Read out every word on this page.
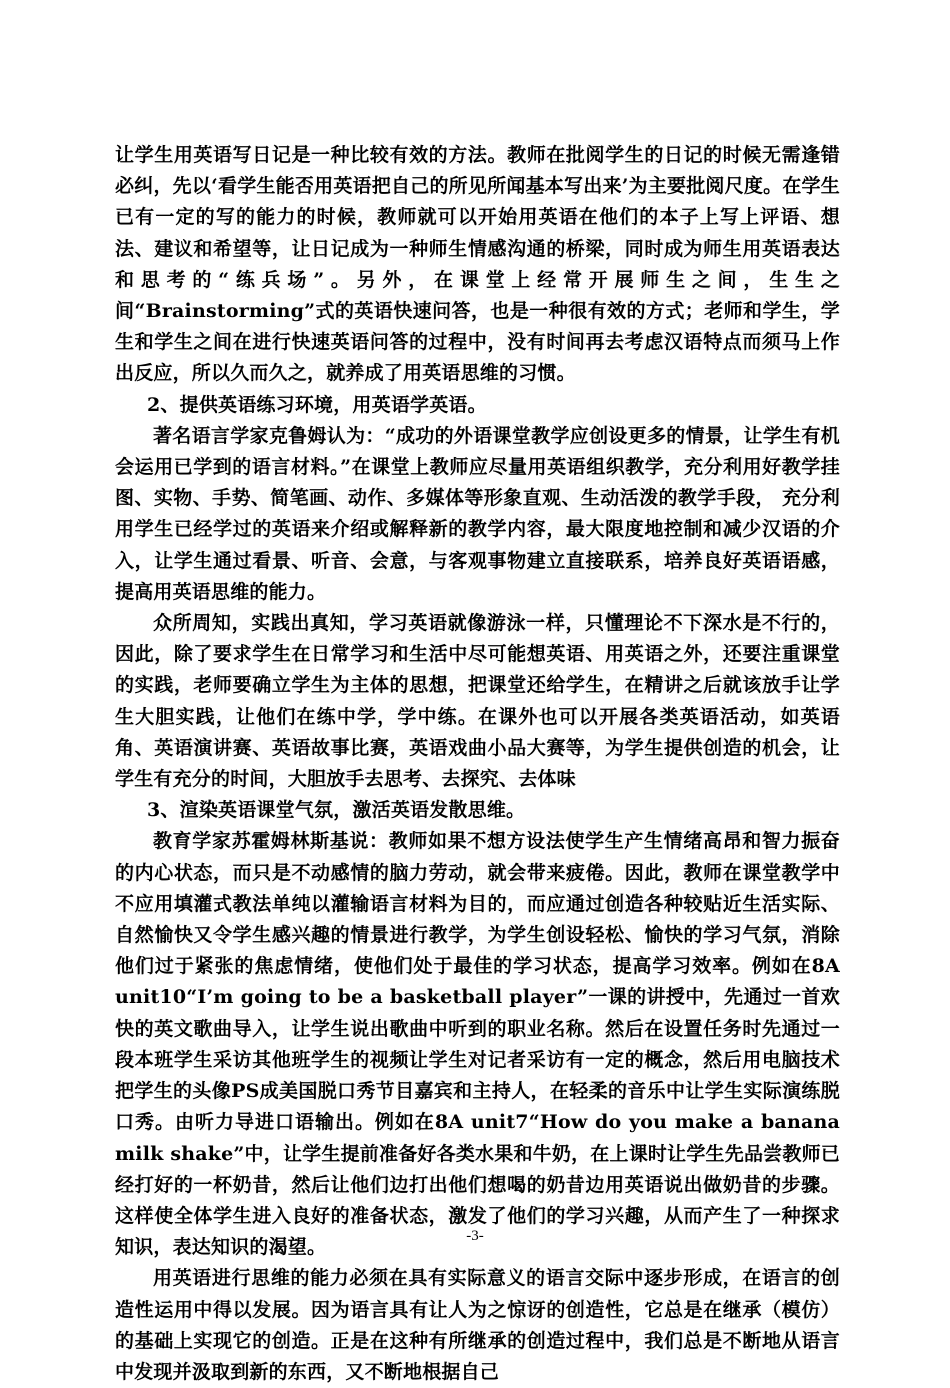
让学生用英语写日记是一种比较有效的方法。教师在批阅学生的日记的时候无需逢错必纠，先以‘看学生能否用英语把自己的所见所闻基本写出来’为主要批阅尺度。在学生已有一定的写的能力的时候，教师就可以开始用英语在他们的本子上写上评语、想法、建议和希望等，让日记成为一种师生情感沟通的桥梁，同时成为师生用英语表达和思考的“练兵场”。另外，在课堂上经常开展师生之间，生生之间“Brainstorming”式的英语快速问答，也是一种很有效的方式；老师和学生，学生和学生之间在进行快速英语问答的过程中，没有时间再去考虑汉语特点而须马上作出反应，所以久而久之，就养成了用英语思维的习惯。

2、提供英语练习环境，用英语学英语。

著名语言学家克鲁姆认为：“成功的外语课堂教学应创设更多的情景，让学生有机会运用已学到的语言材料。”在课堂上教师应尽量用英语组织教学，充分利用好教学挂图、实物、手势、简笔画、动作、多媒体等形象直观、生动活泼的教学手段， 充分利用学生已经学过的英语来介绍或解释新的教学内容，最大限度地控制和减少汉语的介入，让学生通过看景、听音、会意，与客观事物建立直接联系，培养良好英语语感，提高用英语思维的能力。

众所周知，实践出真知，学习英语就像游泳一样，只懂理论不下深水是不行的，因此，除了要求学生在日常学习和生活中尽可能想英语、用英语之外，还要注重课堂的实践，老师要确立学生为主体的思想，把课堂还给学生，在精讲之后就该放手让学生大胆实践，让他们在练中学，学中练。在课外也可以开展各类英语活动，如英语角、英语演讲赛、英语故事比赛，英语戏曲小品大赛等，为学生提供创造的机会，让学生有充分的时间，大胆放手去思考、去探究、去体味

3、渲染英语课堂气氛，激活英语发散思维。

教育学家苏霍姆林斯基说：教师如果不想方设法使学生产生情绪高昂和智力振奋的内心状态，而只是不动感情的脑力劳动，就会带来疲倦。因此，教师在课堂教学中不应用填灌式教法单纯以灌输语言材料为目的，而应通过创造各种较贴近生活实际、自然愉快又令学生感兴趣的情景进行教学，为学生创设轻松、愉快的学习气氛，消除他们过于紧张的焦虑情绪，使他们处于最佳的学习状态，提高学习效率。例如在8A unit10“I’m going to be a basketball player”一课的讲授中，先通过一首欢快的英文歌曲导入，让学生说出歌曲中听到的职业名称。然后在设置任务时先通过一段本班学生采访其他班学生的视频让学生对记者采访有一定的概念，然后用电脑技术把学生的头像PS成美国脱口秀节目嘉宾和主持人，在轻柔的音乐中让学生实际演练脱口秀。由听力导进口语输出。例如在8A unit7“How do you make a banana milk shake”中，让学生提前准备好各类水果和牛奶，在上课时让学生先品尝教师已经打好的一杯奶昔，然后让他们边打出他们想喝的奶昔边用英语说出做奶昔的步骤。这样使全体学生进入良好的准备状态，激发了他们的学习兴趣，从而产生了一种探求知识，表达知识的渴望。

用英语进行思维的能力必须在具有实际意义的语言交际中逐步形成，在语言的创造性运用中得以发展。因为语言具有让人为之惊讶的创造性，它总是在继承（模仿）的基础上实现它的创造。正是在这种有所继承的创造过程中，我们总是不断地从语言中发现并汲取到新的东西，又不断地根据自己

-3-
